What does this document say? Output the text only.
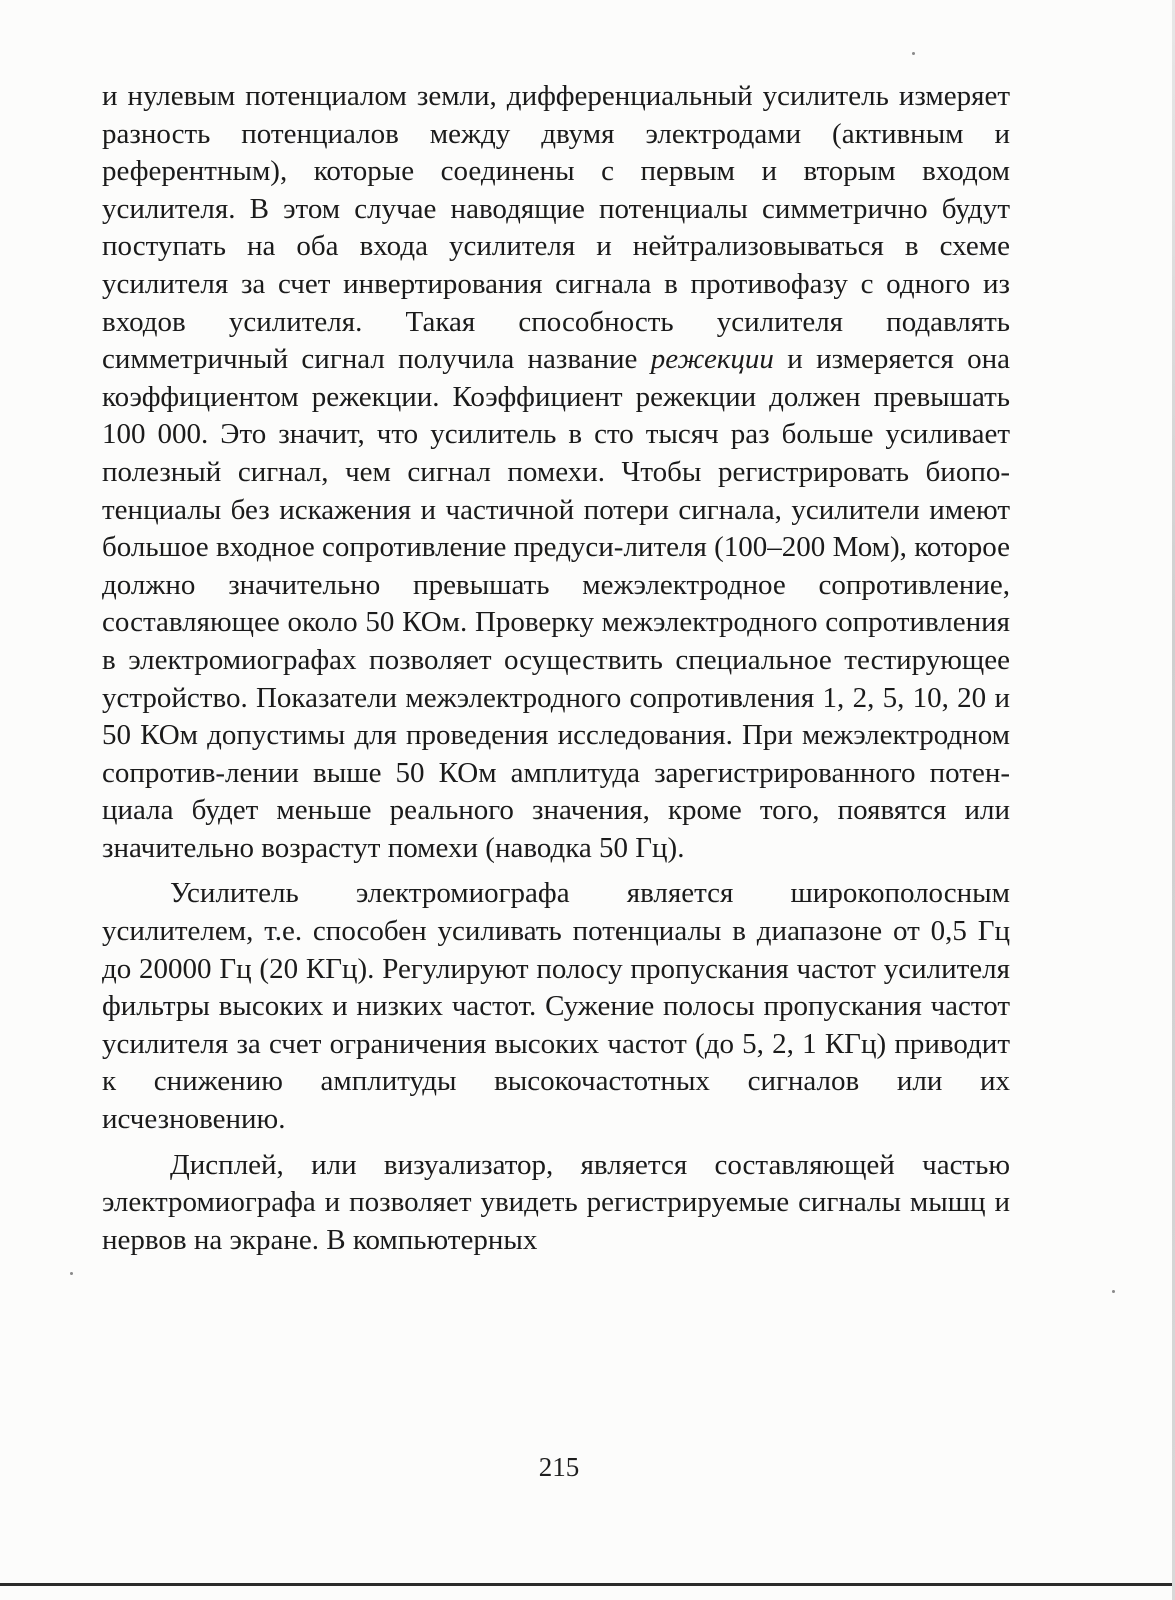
и нулевым потенциалом земли, дифференциальный усилитель измеряет разность потенциалов между двумя электродами (активным и референтным), которые соединены с первым и вторым входом усилителя. В этом случае наводящие потенциалы симметрично будут поступать на оба входа усилителя и нейтрализовываться в схеме усилителя за счет инвертирования сигнала в противофазу с одного из входов усилителя. Такая способность усилителя подавлять симметричный сигнал получила название режекции и измеряется она коэффициентом режекции. Коэффициент режекции должен превышать 100 000. Это значит, что усилитель в сто тысяч раз больше усиливает полезный сигнал, чем сигнал помехи. Чтобы регистрировать биопо-тенциалы без искажения и частичной потери сигнала, усилители имеют большое входное сопротивление предуси-лителя (100–200 Мом), которое должно значительно превышать межэлектродное сопротивление, составляющее около 50 КОм. Проверку межэлектродного сопротивления в электромиографах позволяет осуществить специальное тестирующее устройство. Показатели межэлектродного сопротивления 1, 2, 5, 10, 20 и 50 КОм допустимы для проведения исследования. При межэлектродном сопротив-лении выше 50 КОм амплитуда зарегистрированного потен-циала будет меньше реального значения, кроме того, появятся или значительно возрастут помехи (наводка 50 Гц).

Усилитель электромиографа является широкополосным усилителем, т.е. способен усиливать потенциалы в диапазоне от 0,5 Гц до 20000 Гц (20 КГц). Регулируют полосу пропускания частот усилителя фильтры высоких и низких частот. Сужение полосы пропускания частот усилителя за счет ограничения высоких частот (до 5, 2, 1 КГц) приводит к снижению амплитуды высокочастотных сигналов или их исчезновению.

Дисплей, или визуализатор, является составляющей частью электромиографа и позволяет увидеть регистрируемые сигналы мышц и нервов на экране. В компьютерных

215
